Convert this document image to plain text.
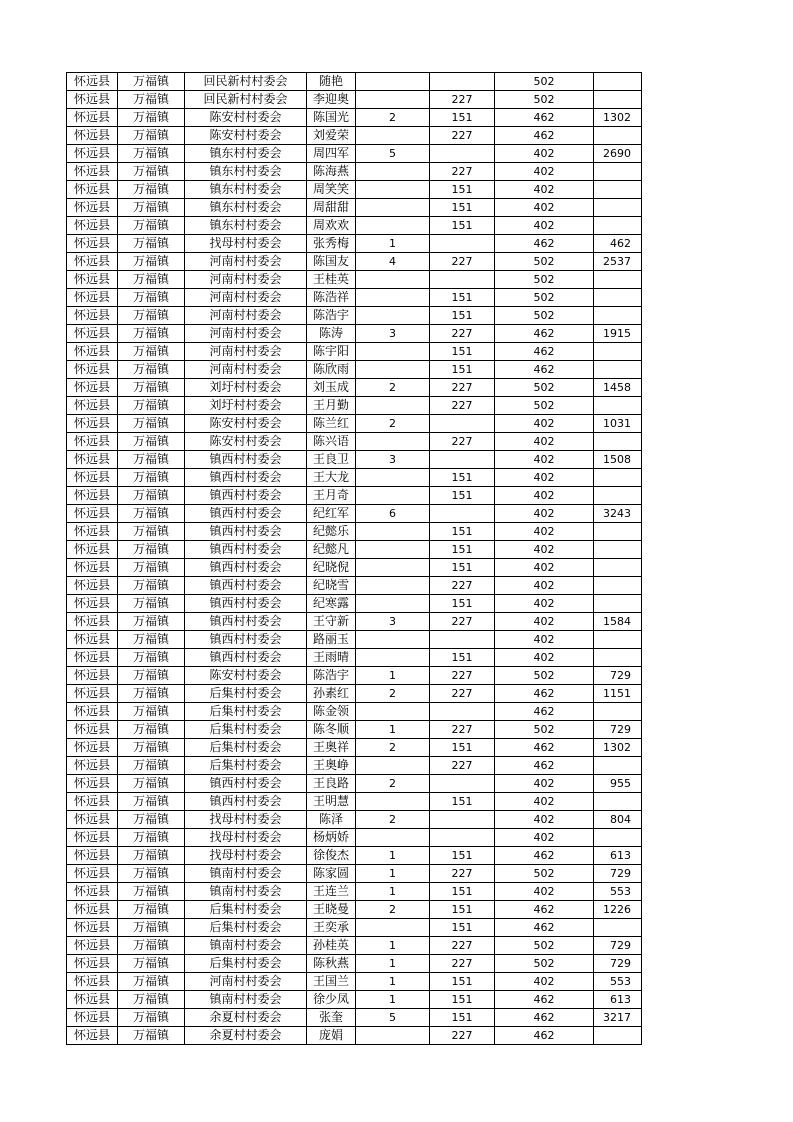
怀远县	万福镇	回民新村村委会	随艳			502	
怀远县	万福镇	回民新村村委会	李迎奥		227	502	
怀远县	万福镇	陈安村村委会	陈国光	2	151	462	1302
怀远县	万福镇	陈安村村委会	刘爱荣		227	462	
怀远县	万福镇	镇东村村委会	周四军	5		402	2690
怀远县	万福镇	镇东村村委会	陈海燕		227	402	
怀远县	万福镇	镇东村村委会	周笑笑		151	402	
怀远县	万福镇	镇东村村委会	周甜甜		151	402	
怀远县	万福镇	镇东村村委会	周欢欢		151	402	
怀远县	万福镇	找母村村委会	张秀梅	1		462	462
怀远县	万福镇	河南村村委会	陈国友	4	227	502	2537
怀远县	万福镇	河南村村委会	王桂英			502	
怀远县	万福镇	河南村村委会	陈浩祥		151	502	
怀远县	万福镇	河南村村委会	陈浩宇		151	502	
怀远县	万福镇	河南村村委会	陈涛	3	227	462	1915
怀远县	万福镇	河南村村委会	陈宇阳		151	462	
怀远县	万福镇	河南村村委会	陈欣雨		151	462	
怀远县	万福镇	刘圩村村委会	刘玉成	2	227	502	1458
怀远县	万福镇	刘圩村村委会	王月勤		227	502	
怀远县	万福镇	陈安村村委会	陈兰红	2		402	1031
怀远县	万福镇	陈安村村委会	陈兴语		227	402	
怀远县	万福镇	镇西村村委会	王良卫	3		402	1508
怀远县	万福镇	镇西村村委会	王大龙		151	402	
怀远县	万福镇	镇西村村委会	王月奇		151	402	
怀远县	万福镇	镇西村村委会	纪红军	6		402	3243
怀远县	万福镇	镇西村村委会	纪懿乐		151	402	
怀远县	万福镇	镇西村村委会	纪懿凡		151	402	
怀远县	万福镇	镇西村村委会	纪晓倪		151	402	
怀远县	万福镇	镇西村村委会	纪晓雪		227	402	
怀远县	万福镇	镇西村村委会	纪寒露		151	402	
怀远县	万福镇	镇西村村委会	王守新	3	227	402	1584
怀远县	万福镇	镇西村村委会	路丽玉			402	
怀远县	万福镇	镇西村村委会	王雨晴		151	402	
怀远县	万福镇	陈安村村委会	陈浩宇	1	227	502	729
怀远县	万福镇	后集村村委会	孙素红	2	227	462	1151
怀远县	万福镇	后集村村委会	陈金领			462	
怀远县	万福镇	后集村村委会	陈冬顺	1	227	502	729
怀远县	万福镇	后集村村委会	王奥祥	2	151	462	1302
怀远县	万福镇	后集村村委会	王奥峥		227	462	
怀远县	万福镇	镇西村村委会	王良路	2		402	955
怀远县	万福镇	镇西村村委会	王明慧		151	402	
怀远县	万福镇	找母村村委会	陈泽	2		402	804
怀远县	万福镇	找母村村委会	杨炳娇			402	
怀远县	万福镇	找母村村委会	徐俊杰	1	151	462	613
怀远县	万福镇	镇南村村委会	陈家圆	1	227	502	729
怀远县	万福镇	镇南村村委会	王连兰	1	151	402	553
怀远县	万福镇	后集村村委会	王晓曼	2	151	462	1226
怀远县	万福镇	后集村村委会	王奕承		151	462	
怀远县	万福镇	镇南村村委会	孙桂英	1	227	502	729
怀远县	万福镇	后集村村委会	陈秋燕	1	227	502	729
怀远县	万福镇	河南村村委会	王国兰	1	151	402	553
怀远县	万福镇	镇南村村委会	徐少凤	1	151	462	613
怀远县	万福镇	余夏村村委会	张奎	5	151	462	3217
怀远县	万福镇	余夏村村委会	庞娟		227	462	
